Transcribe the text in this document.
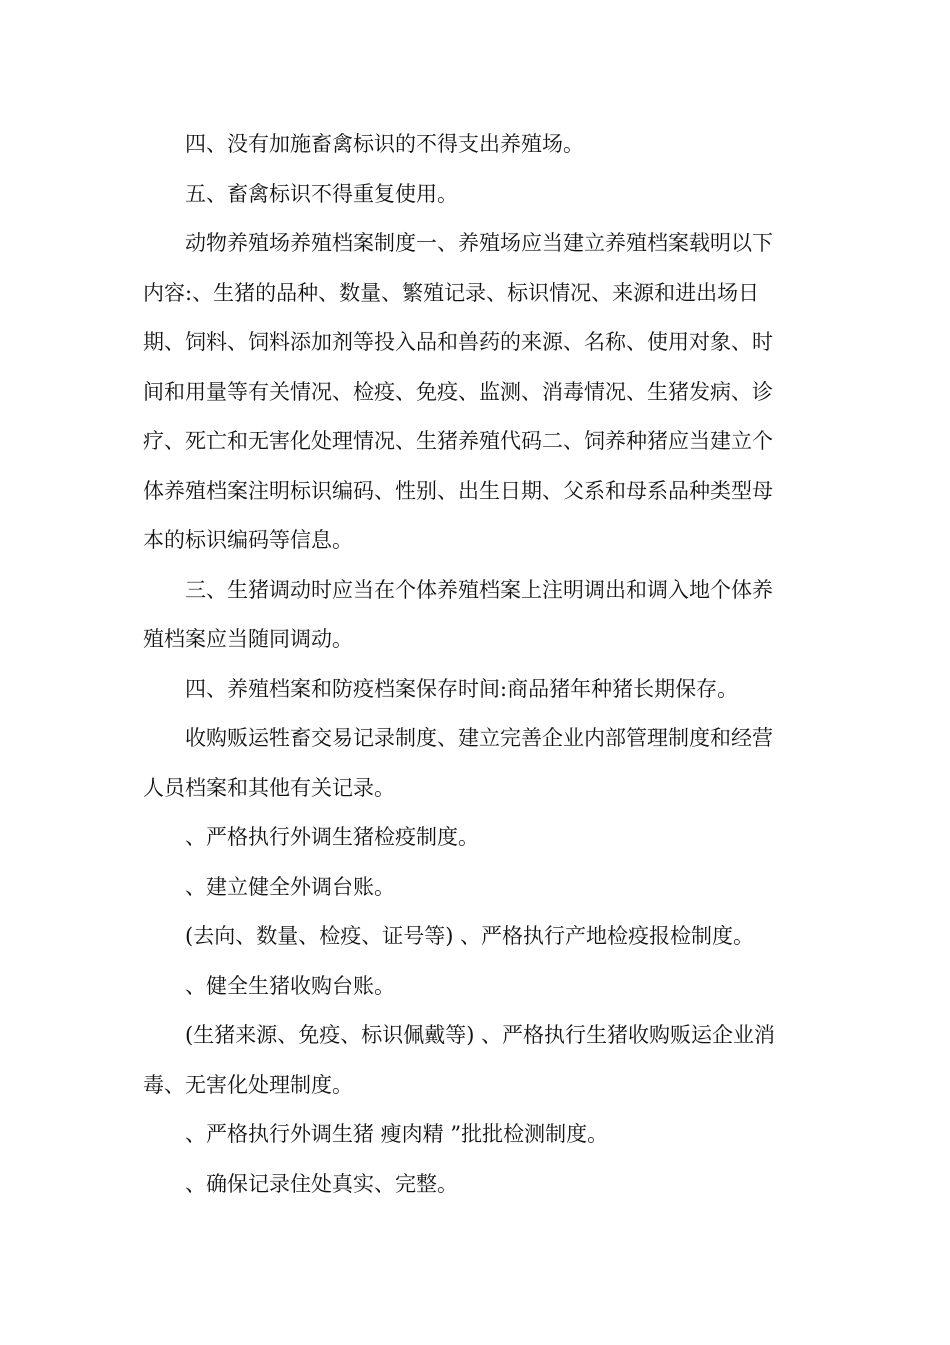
四、没有加施畜禽标识的不得支出养殖场。

五、畜禽标识不得重复使用。

动物养殖场养殖档案制度一、养殖场应当建立养殖档案载明以下内容:、生猪的品种、数量、繁殖记录、标识情况、来源和进出场日期、饲料、饲料添加剂等投入品和兽药的来源、名称、使用对象、时间和用量等有关情况、检疫、免疫、监测、消毒情况、生猪发病、诊疗、死亡和无害化处理情况、生猪养殖代码二、饲养种猪应当建立个体养殖档案注明标识编码、性别、出生日期、父系和母系品种类型母本的标识编码等信息。

三、生猪调动时应当在个体养殖档案上注明调出和调入地个体养殖档案应当随同调动。

四、养殖档案和防疫档案保存时间:商品猪年种猪长期保存。

收购贩运牲畜交易记录制度、建立完善企业内部管理制度和经营人员档案和其他有关记录。

、严格执行外调生猪检疫制度。

、建立健全外调台账。

(去向、数量、检疫、证号等) 、严格执行产地检疫报检制度。

、健全生猪收购台账。

(生猪来源、免疫、标识佩戴等) 、严格执行生猪收购贩运企业消毒、无害化处理制度。

、严格执行外调生猪 瘦肉精 ”批批检测制度。

、确保记录住处真实、完整。
